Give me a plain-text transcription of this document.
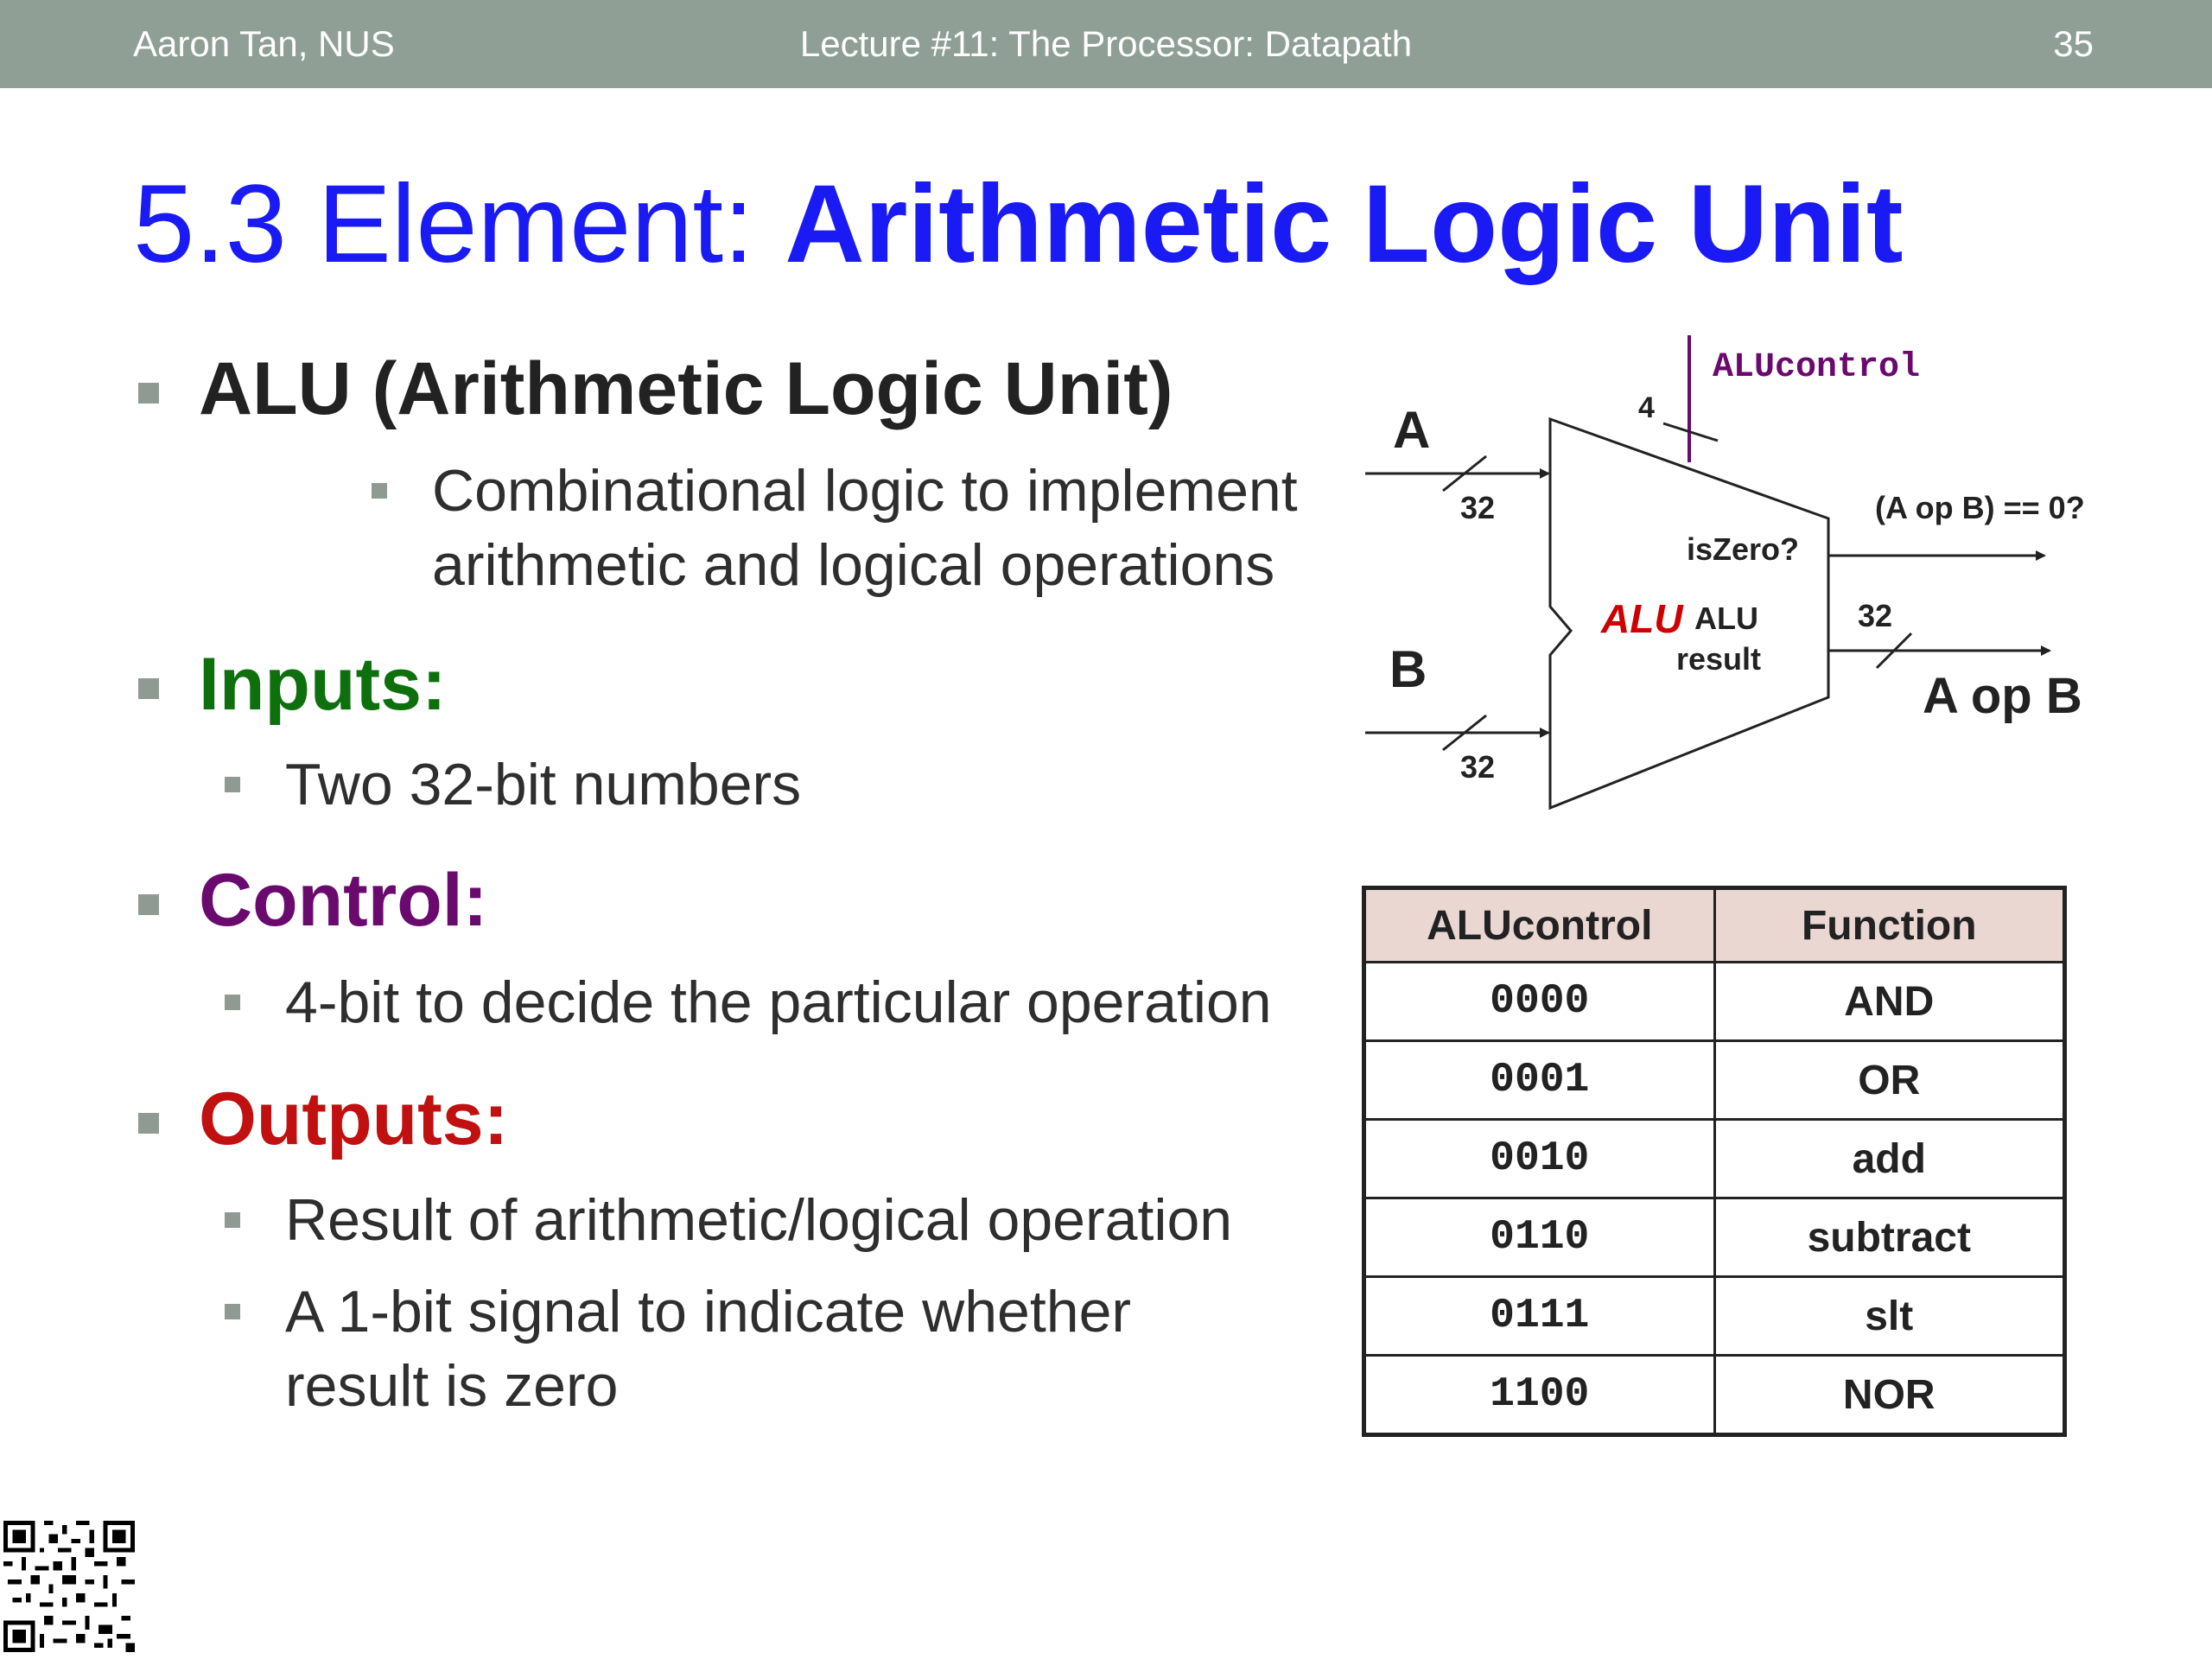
Aaron Tan, NUS	Lecture #11: The Processor: Datapath	35
5.3 Element: Arithmetic Logic Unit
ALU (Arithmetic Logic Unit)
Combinational logic to implement
arithmetic and logical operations
Inputs:
Two 32-bit numbers
Control:
4-bit to decide the particular operation
Outputs:
Result of arithmetic/logical operation
A 1-bit signal to indicate whether
result is zero
ALUcontrol
4
A
32
B
32
ALU
isZero?
ALU
result
(A op B) == 0?
32
A op B
ALUcontrol	Function
0000	AND
0001	OR
0010	add
0110	subtract
0111	slt
1100	NOR
